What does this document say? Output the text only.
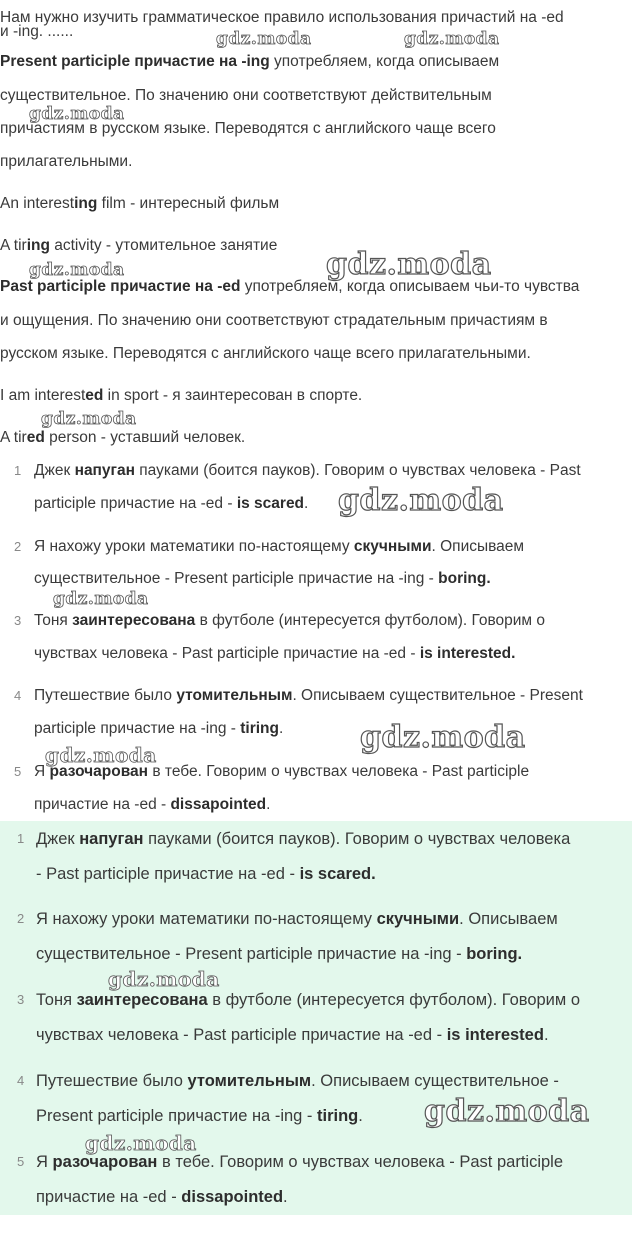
Нам нужно изучить грамматическое правило использования причастий на -ed
и -ing. ......
Present participle причастие на -ing употребляем, когда описываем
существительное. По значению они соответствуют действительным
причастиям в русском языке. Переводятся с английского чаще всего
прилагательными.
An interesting film - интересный фильм
A tiring activity - утомительное занятие
Past participle причастие на -ed употребляем, когда описываем чьи-то чувства
и ощущения. По значению они соответствуют страдательным причастиям в
русском языке. Переводятся с английского чаще всего прилагательными.
I am interested in sport - я заинтересован в спорте.
A tired person - уставший человек.
1 Джек напуган пауками (боится пауков). Говорим о чувствах человека - Past
participle причастие на -ed - is scared.
2 Я нахожу уроки математики по-настоящему скучными. Описываем
существительное - Present participle причастие на -ing - boring.
3 Тоня заинтересована в футболе (интересуется футболом). Говорим о
чувствах человека - Past participle причастие на -ed - is interested.
4 Путешествие было утомительным. Описываем существительное - Present
participle причастие на -ing - tiring.
5 Я разочарован в тебе. Говорим о чувствах человека - Past participle
причастие на -ed - dissapointed.
1 Джек напуган пауками (боится пауков). Говорим о чувствах человека
- Past participle причастие на -ed - is scared.
2 Я нахожу уроки математики по-настоящему скучными. Описываем
существительное - Present participle причастие на -ing - boring.
3 Тоня заинтересована в футболе (интересуется футболом). Говорим о
чувствах человека - Past participle причастие на -ed - is interested.
4 Путешествие было утомительным. Описываем существительное -
Present participle причастие на -ing - tiring.
5 Я разочарован в тебе. Говорим о чувствах человека - Past participle
причастие на -ed - dissapointed.
gdz.moda	gdz.moda
gdz.moda
gdz.moda
gdz.moda
gdz.moda
gdz.moda
gdz.moda
gdz.moda
gdz.moda
gdz.moda
gdz.moda
gdz.moda
